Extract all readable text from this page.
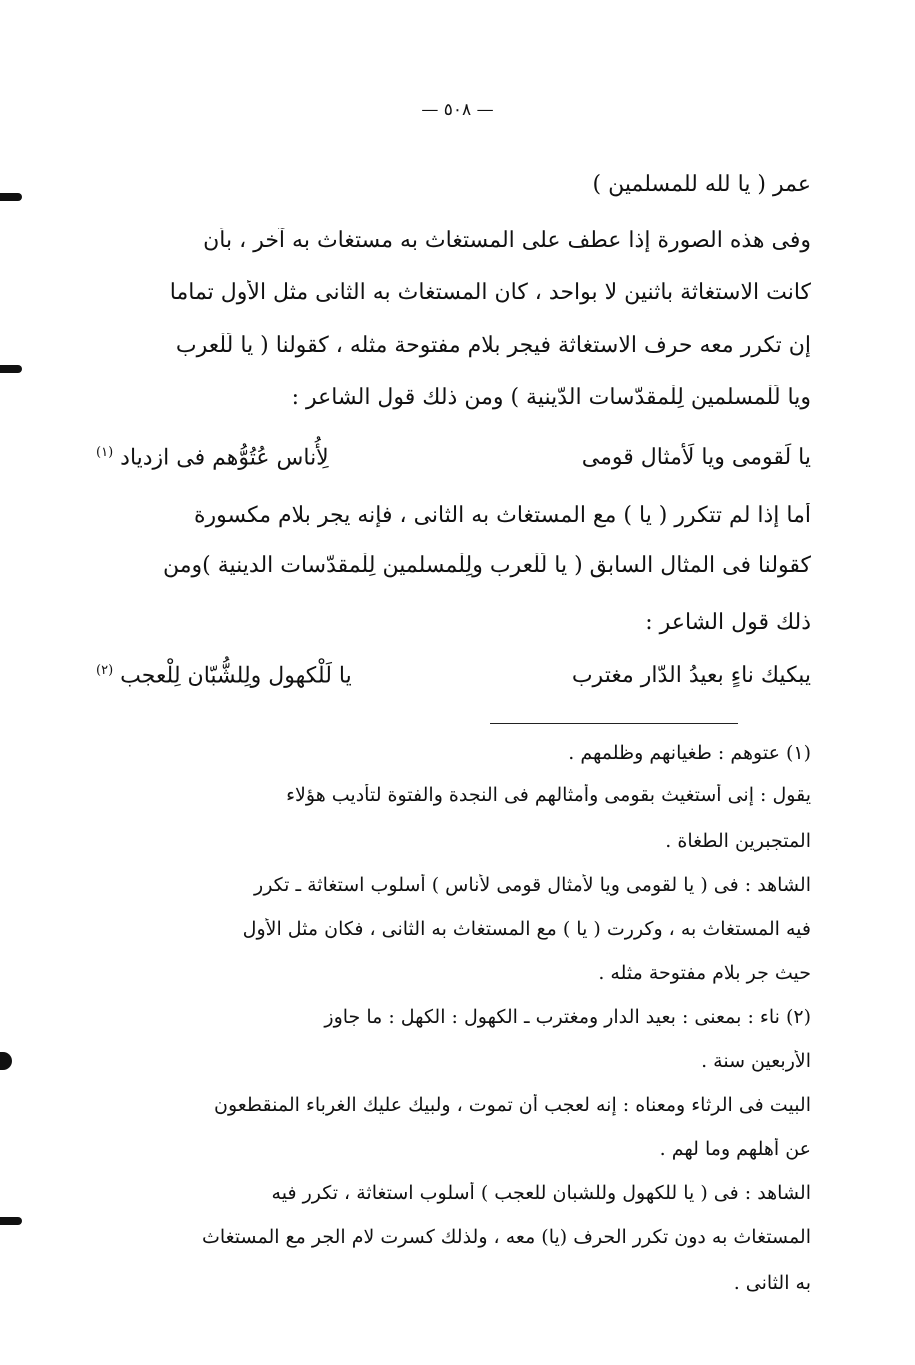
— ٥٠٨ —
عمر ( يا لله للمسلمين )
وفى هذه الصورة إذا عطف على المستغاث به مستغاث به آخر ، بأن
كانت الاستغاثة باثنين لا بواحد ، كان المستغاث به الثانى مثل الأول تماما
إن تكرر معه حرف الاستغاثة فيجر بلام مفتوحة مثله ، كقولنا ( يا لَلْعرب
ويا لَلْمسلمين لِلْمقدّسات الدّينية ) ومن ذلك قول الشاعر :
يا لَقومى ويا لَأمثال قومى
لِأُناس عُتُوُّهم فى ازدياد $^{(١)}$
أما إذا لم تتكرر ( يا ) مع المستغاث به الثانى ، فإنه يجر بلام مكسورة
كقولنا فى المثال السابق ( يا لَلْعرب ولِلْمسلمين لِلْمقدّسات الدينية )ومن
ذلك قول الشاعر :
يبكيك ناءٍ بعيدُ الدّار مغترب
يا لَلْكهول ولِلشُّبّان لِلْعجب $^{(٢)}$
(١) عتوهم : طغيانهم وظلمهم .
يقول : إنى أستغيث بقومى وأمثالهم فى النجدة والفتوة لتأديب هؤلاء
المتجبرين الطغاة .
الشاهد : فى ( يا لقومى ويا لأمثال قومى لأناس ) أسلوب استغاثة ـ تكرر
فيه المستغاث به ، وكررت ( يا ) مع المستغاث به الثانى ، فكان مثل الأول
حيث جر بلام مفتوحة مثله .
(٢) ناء : بمعنى : بعيد الدار ومغترب ـ الكهول : الكهل : ما جاوز
الأربعين سنة .
البيت فى الرثاء ومعناه : إنه لعجب أن تموت ، ولبيك عليك الغرباء المنقطعون
عن أهلهم وما لهم .
الشاهد : فى ( يا للكهول وللشبان للعجب ) أسلوب استغاثة ، تكرر فيه
المستغاث به دون تكرر الحرف (يا) معه ، ولذلك كسرت لام الجر مع المستغاث
به الثانى .
